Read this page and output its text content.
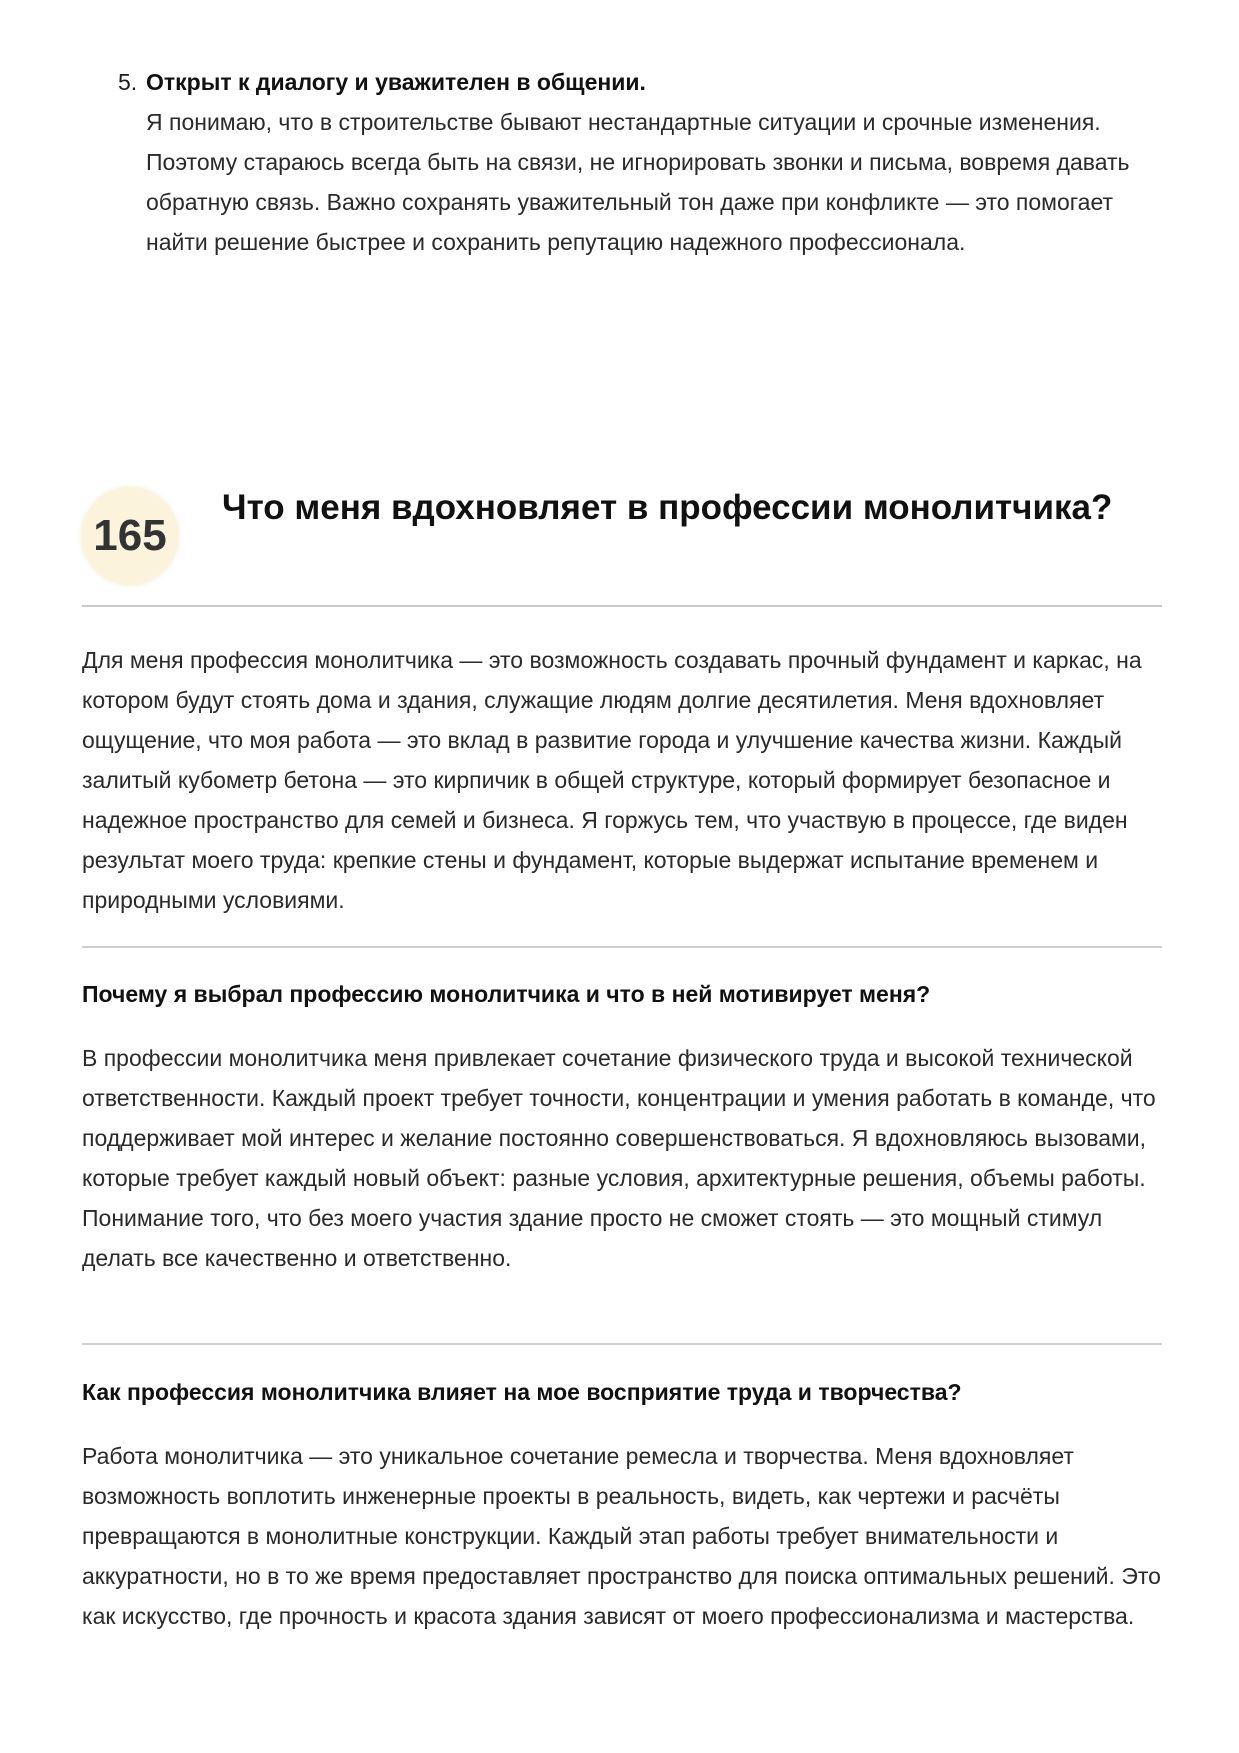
5. Открыт к диалогу и уважителен в общении.
Я понимаю, что в строительстве бывают нестандартные ситуации и срочные изменения. Поэтому стараюсь всегда быть на связи, не игнорировать звонки и письма, вовремя давать обратную связь. Важно сохранять уважительный тон даже при конфликте — это помогает найти решение быстрее и сохранить репутацию надежного профессионала.
165
Что меня вдохновляет в профессии монолитчика?
Для меня профессия монолитчика — это возможность создавать прочный фундамент и каркас, на котором будут стоять дома и здания, служащие людям долгие десятилетия. Меня вдохновляет ощущение, что моя работа — это вклад в развитие города и улучшение качества жизни. Каждый залитый кубометр бетона — это кирпичик в общей структуре, который формирует безопасное и надежное пространство для семей и бизнеса. Я горжусь тем, что участвую в процессе, где виден результат моего труда: крепкие стены и фундамент, которые выдержат испытание временем и природными условиями.
Почему я выбрал профессию монолитчика и что в ней мотивирует меня?
В профессии монолитчика меня привлекает сочетание физического труда и высокой технической ответственности. Каждый проект требует точности, концентрации и умения работать в команде, что поддерживает мой интерес и желание постоянно совершенствоваться. Я вдохновляюсь вызовами, которые требует каждый новый объект: разные условия, архитектурные решения, объемы работы. Понимание того, что без моего участия здание просто не сможет стоять — это мощный стимул делать все качественно и ответственно.
Как профессия монолитчика влияет на мое восприятие труда и творчества?
Работа монолитчика — это уникальное сочетание ремесла и творчества. Меня вдохновляет возможность воплотить инженерные проекты в реальность, видеть, как чертежи и расчёты превращаются в монолитные конструкции. Каждый этап работы требует внимательности и аккуратности, но в то же время предоставляет пространство для поиска оптимальных решений. Это как искусство, где прочность и красота здания зависят от моего профессионализма и мастерства.
